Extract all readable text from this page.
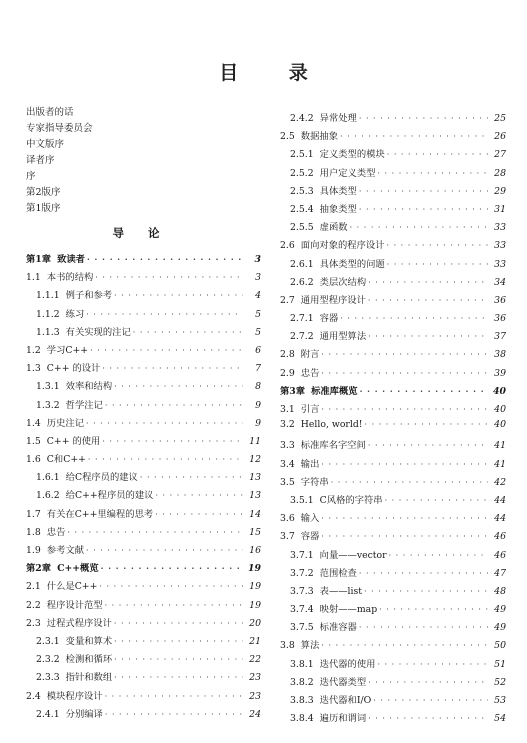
目 录
出版者的话
专家指导委员会
中文版序
译者序
序
第2版序
第1版序
导 论
第1章 致读者 · · ·	3
1.1 本书的结构 · · ·	3
1.1.1 例子和参考 · · ·	4
1.1.2 练习 · · ·	5
1.1.3 有关实现的注记 · · ·	5
1.2 学习C++ · · ·	6
1.3 C++ 的设计 · · ·	7
1.3.1 效率和结构 · · ·	8
1.3.2 哲学注记 · · ·	9
1.4 历史注记 · · ·	9
1.5 C++ 的使用 · · ·	11
1.6 C和C++ · · ·	12
1.6.1 给C程序员的建议 · · ·	13
1.6.2 给C++程序员的建议 · · ·	13
1.7 有关在C++里编程的思考 · · ·	14
1.8 忠告 · · ·	15
1.9 参考文献 · · ·	16
第2章 C++概览 · · ·	19
2.1 什么是C++ · · ·	19
2.2 程序设计范型 · · ·	19
2.3 过程式程序设计 · · ·	20
2.3.1 变量和算术 · · ·	21
2.3.2 检测和循环 · · ·	22
2.3.3 指针和数组 · · ·	23
2.4 模块程序设计 · · ·	23
2.4.1 分别编译 · · ·	24
2.4.2 异常处理 · · ·	25
2.5 数据抽象 · · ·	26
2.5.1 定义类型的模块 · · ·	27
2.5.2 用户定义类型 · · ·	28
2.5.3 具体类型 · · ·	29
2.5.4 抽象类型 · · ·	31
2.5.5 虚函数 · · ·	33
2.6 面向对象的程序设计 · · ·	33
2.6.1 具体类型的问题 · · ·	33
2.6.2 类层次结构 · · ·	34
2.7 通用型程序设计 · · ·	36
2.7.1 容器 · · ·	36
2.7.2 通用型算法 · · ·	37
2.8 附言 · · ·	38
2.9 忠告 · · ·	39
第3章 标准库概览 · · ·	40
3.1 引言 · · ·	40
3.2 Hello, world! · · ·	40
3.3 标准库名字空间 · · ·	41
3.4 输出 · · ·	41
3.5 字符串 · · ·	42
3.5.1 C风格的字符串 · · ·	44
3.6 输入 · · ·	44
3.7 容器 · · ·	46
3.7.1 向量——vector · · ·	46
3.7.2 范围检查 · · ·	47
3.7.3 表——list · · ·	48
3.7.4 映射——map · · ·	49
3.7.5 标准容器 · · ·	49
3.8 算法 · · ·	50
3.8.1 迭代器的使用 · · ·	51
3.8.2 迭代器类型 · · ·	52
3.8.3 迭代器和I/O · · ·	53
3.8.4 遍历和谓词 · · ·	54
